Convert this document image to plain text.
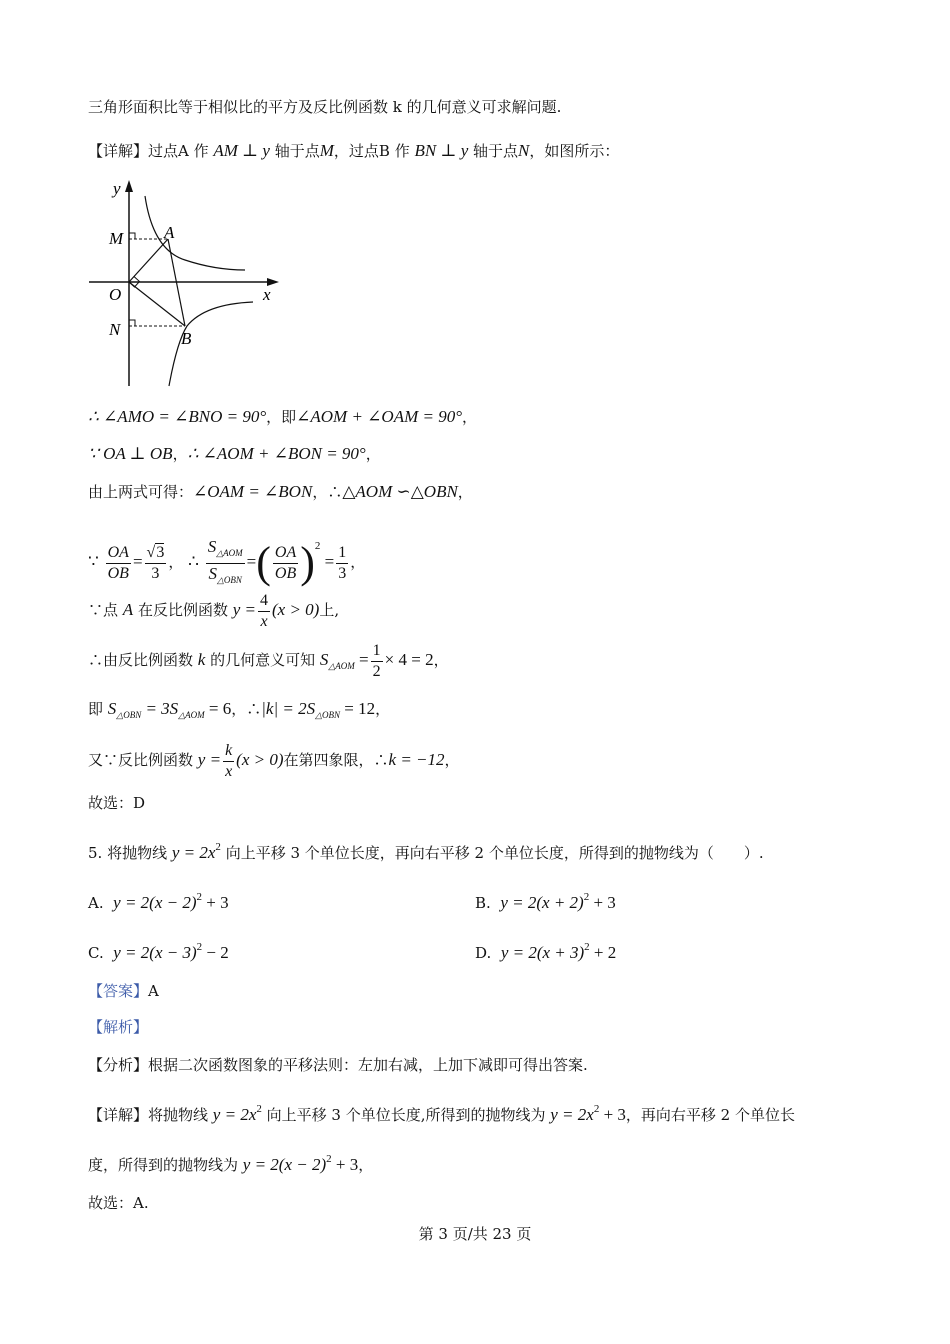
三角形面积比等于相似比的平方及反比例函数 k 的几何意义可求解问题.
【详解】过点A 作 AM ⊥ y 轴于点M，过点B 作 BN ⊥ y 轴于点N，如图所示：
y
x
O
M
N
A
B
∴ ∠AMO = ∠BNO = 90°，即∠AOM + ∠OAM = 90°，
∵ OA ⊥ OB，∴ ∠AOM + ∠BON = 90°，
由上两式可得：∠OAM = ∠BON，∴△AOM ∽△OBN，
∵ $\frac{OA}{OB} = \frac{√3}{3}$ ， ∴ $\frac{S_{\triangle AOM}}{S_{\triangle OBN}}$ =( $\frac{OA}{OB} )^2 = \frac{1}{3}$ ，
∵点 A 在反比例函数 $y = \frac{4}{x} (x > 0)$上,
∴由反比例函数 k 的几何意义可知 $S_{\triangle AOM} = \frac{1}{2} \times 4 = 2$，
即 $S_{\triangle OBN} = 3S_{\triangle AOM} = 6$，∴|k| = $2S_{\triangle OBN} = 12$，
又∵反比例函数 $y = \frac{k}{x} (x > 0)$在第四象限，∴k = −12，
故选：D
5. 将抛物线 $y = 2x^2$ 向上平移 3 个单位长度，再向右平移 2 个单位长度，所得到的抛物线为（　　）.
A. $y = 2(x - 2)^2 + 3$	B. $y = 2(x + 2)^2 + 3$
C. $y = 2(x - 3)^2 - 2$	D. $y = 2(x + 3)^2 + 2$
【答案】A
【解析】
【分析】根据二次函数图象的平移法则：左加右减，上加下减即可得出答案.
【详解】将抛物线 $y = 2x^2$ 向上平移 3 个单位长度,所得到的抛物线为 $y = 2x^2 + 3$，再向右平移 2 个单位长
度，所得到的抛物线为 $y = 2(x - 2)^2 + 3$，
故选：A.
第 3 页/共 23 页
